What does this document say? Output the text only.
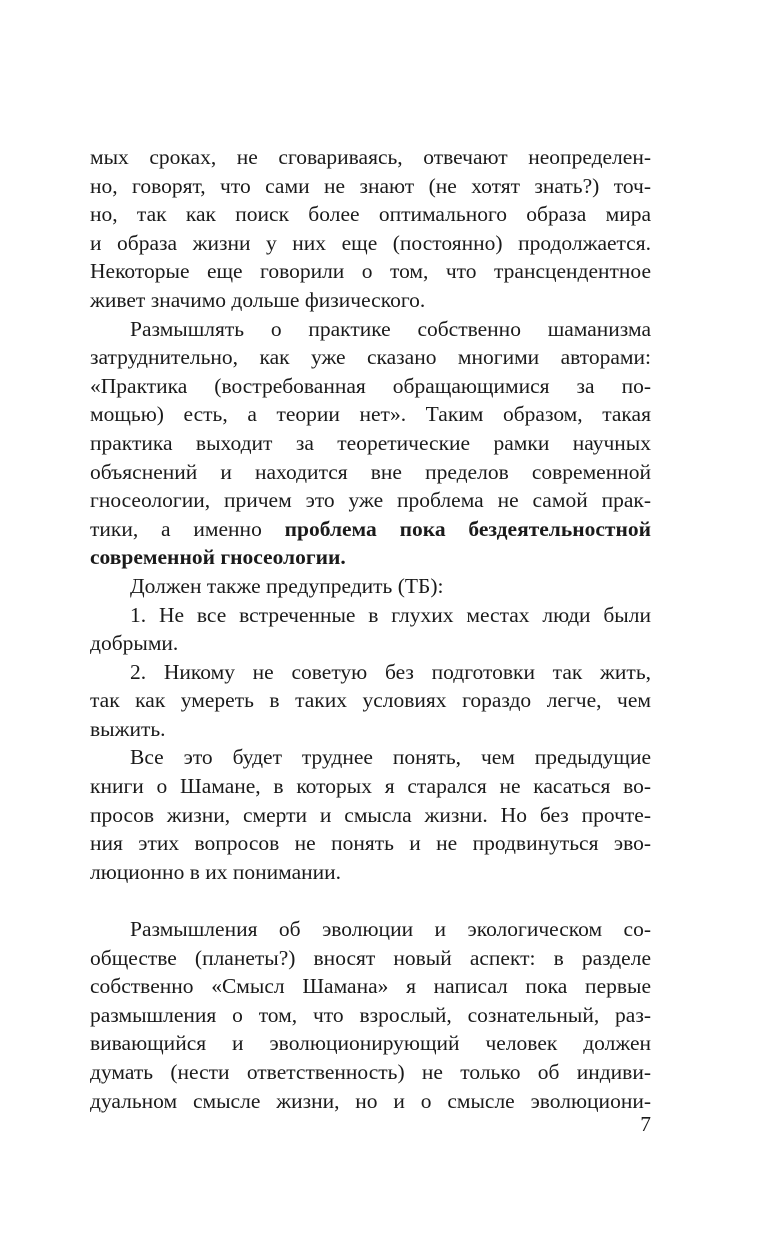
мых сроках, не сговариваясь, отвечают неопределен-
но, говорят, что сами не знают (не хотят знать?) точ-
но, так как поиск более оптимального образа мира
и образа жизни у них еще (постоянно) продолжается.
Некоторые еще говорили о том, что трансцендентное
живет значимо дольше физического.
Размышлять о практике собственно шаманизма
затруднительно, как уже сказано многими авторами:
«Практика (востребованная обращающимися за по-
мощью) есть, а теории нет». Таким образом, такая
практика выходит за теоретические рамки научных
объяснений и находится вне пределов современной
гносеологии, причем это уже проблема не самой прак-
тики, а именно проблема пока бездеятельностной
современной гносеологии.
Должен также предупредить (ТБ):
1. Не все встреченные в глухих местах люди были
добрыми.
2. Никому не советую без подготовки так жить,
так как умереть в таких условиях гораздо легче, чем
выжить.
Все это будет труднее понять, чем предыдущие
книги о Шамане, в которых я старался не касаться во-
просов жизни, смерти и смысла жизни. Но без прочте-
ния этих вопросов не понять и не продвинуться эво-
люционно в их понимании.
Размышления об эволюции и экологическом со-
обществе (планеты?) вносят новый аспект: в разделе
собственно «Смысл Шамана» я написал пока первые
размышления о том, что взрослый, сознательный, раз-
вивающийся и эволюционирующий человек должен
думать (нести ответственность) не только об индиви-
дуальном смысле жизни, но и о смысле эволюциони-
7
